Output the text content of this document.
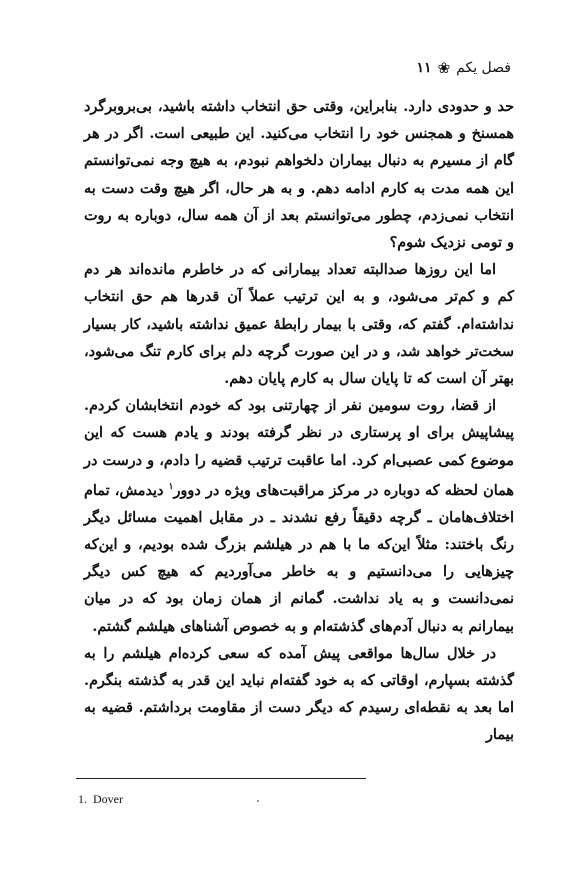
فصل یکم
❀
۱۱

حد و حدودی دارد. بنابراین، وقتی حق انتخاب داشته باشید، بی‌بروبرگرد همسنخ و همجنس خود را انتخاب می‌کنید. این طبیعی است. اگر در هر گام از مسیرم به دنبال بیماران دلخواهم نبودم، به هیچ وجه نمی‌توانستم این همه مدت به کارم ادامه دهم. و به هر حال، اگر هیچ وقت دست به انتخاب نمی‌زدم، چطور می‌توانستم بعد از آن همه سال، دوباره به روت و تومی نزدیک شوم؟

اما این روزها صدالبته تعداد بیمارانی که در خاطرم مانده‌اند هر دم کم و کم‌تر می‌شود، و به این ترتیب عملاً آن قدرها هم حق انتخاب نداشته‌ام. گفتم که، وقتی با بیمار رابطهٔ عمیق نداشته باشید، کار بسیار سخت‌تر خواهد شد، و در این صورت گرچه دلم برای کارم تنگ می‌شود، بهتر آن است که تا پایان سال به کارم پایان دهم.

از قضا، روت سومین نفر از چهارتنی بود که خودم انتخابشان کردم. پیشاپیش برای او پرستاری در نظر گرفته بودند و یادم هست که این موضوع کمی عصبی‌ام کرد. اما عاقبت ترتیب قضیه را دادم، و درست در همان لحظه که دوباره در مرکز مراقبت‌های ویژه در دوور$^۱$ دیدمش، تمام اختلاف‌هامان ـ گرچه دقیقاً رفع نشدند ـ در مقابل اهمیت مسائل دیگر رنگ باختند: مثلاً این‌که ما با هم در هیلشم بزرگ شده بودیم، و این‌که چیزهایی را می‌دانستیم و به خاطر می‌آوردیم که هیچ کس دیگر نمی‌دانست و به یاد نداشت. گمانم از همان زمان بود که در میان بیمارانم به دنبال آدم‌های گذشته‌ام و به خصوص آشناهای هیلشم گشتم.

در خلال سال‌ها مواقعی پیش آمده که سعی کرده‌ام هیلشم را به گذشته بسپارم، اوقاتی که به خود گفته‌ام نباید این قدر به گذشته بنگرم. اما بعد به نقطه‌ای رسیدم که دیگر دست از مقاومت برداشتم. قضیه به بیمار

1. Dover
